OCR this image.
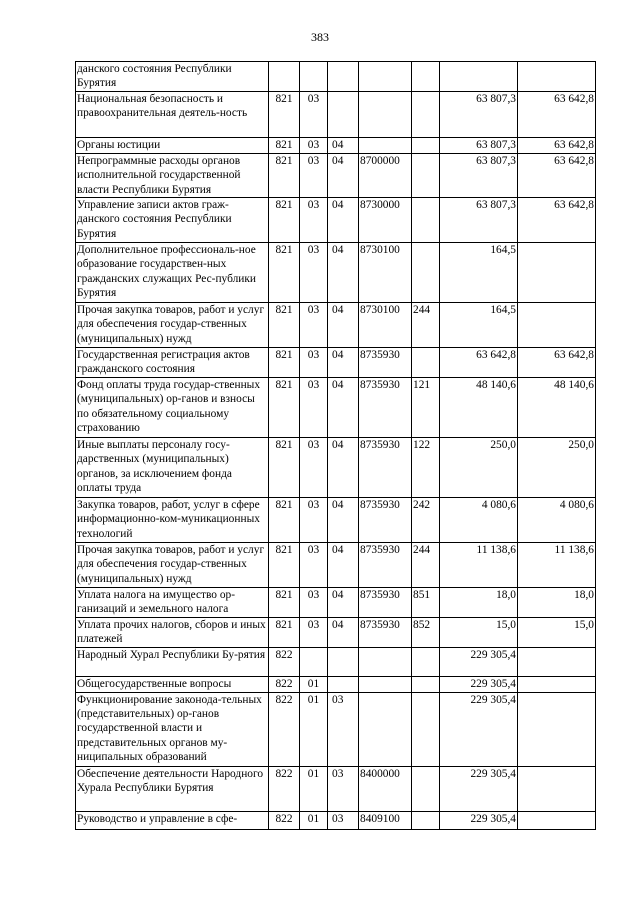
383
данского состояния Республики Бурятия							
Национальная безопасность и правоохранительная деятель-ность	821	03				63 807,3	63 642,8
Органы юстиции	821	03	04			63 807,3	63 642,8
Непрограммные расходы органов исполнительной государственной власти Республики Бурятия	821	03	04	8700000		63 807,3	63 642,8
Управление записи актов граж-данского состояния Республики Бурятия	821	03	04	8730000		63 807,3	63 642,8
Дополнительное профессиональ-ное образование государствен-ных гражданских служащих Рес-публики Бурятия	821	03	04	8730100		164,5	
Прочая закупка товаров, работ и услуг для обеспечения государ-ственных (муниципальных) нужд	821	03	04	8730100	244	164,5	
Государственная регистрация актов гражданского состояния	821	03	04	8735930		63 642,8	63 642,8
Фонд оплаты труда государ-ственных (муниципальных) ор-ганов и взносы по обязательному социальному страхованию	821	03	04	8735930	121	48 140,6	48 140,6
Иные выплаты персоналу госу-дарственных (муниципальных) органов, за исключением фонда оплаты труда	821	03	04	8735930	122	250,0	250,0
Закупка товаров, работ, услуг в сфере информационно-ком-муникационных технологий	821	03	04	8735930	242	4 080,6	4 080,6
Прочая закупка товаров, работ и услуг для обеспечения государ-ственных (муниципальных) нужд	821	03	04	8735930	244	11 138,6	11 138,6
Уплата налога на имущество ор-ганизаций и земельного налога	821	03	04	8735930	851	18,0	18,0
Уплата прочих налогов, сборов и иных платежей	821	03	04	8735930	852	15,0	15,0
Народный Хурал Республики Бу-рятия	822					229 305,4	
Общегосударственные вопросы	822	01				229 305,4	
Функционирование законода-тельных (представительных) ор-ганов государственной власти и представительных органов му-ниципальных образований	822	01	03			229 305,4	
Обеспечение деятельности Народного Хурала Республики Бурятия	822	01	03	8400000		229 305,4	
Руководство и управление в сфе-	822	01	03	8409100		229 305,4	
